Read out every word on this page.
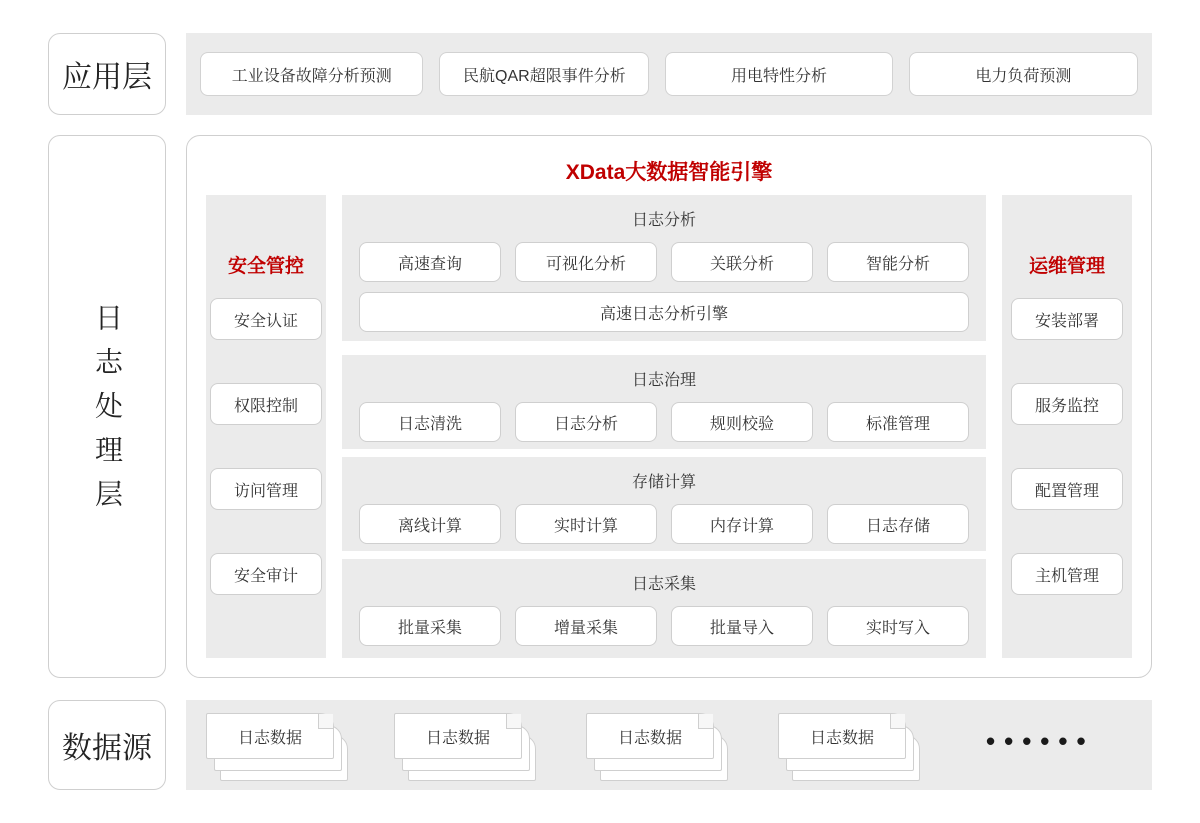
应用层	工业设备故障分析预测	民航QAR超限事件分析	用电特性分析	电力负荷预测
日志处理层
XData大数据智能引擎
安全管控
安全认证
权限控制
访问管理
安全审计
运维管理
安装部署
服务监控
配置管理
主机管理
日志分析
高速查询	可视化分析	关联分析	智能分析
高速日志分析引擎
日志治理
日志清洗	日志分析	规则校验	标准管理
存储计算
离线计算	实时计算	内存计算	日志存储
日志采集
批量采集	增量采集	批量导入	实时写入
数据源	日志数据	日志数据	日志数据	日志数据	••••••
